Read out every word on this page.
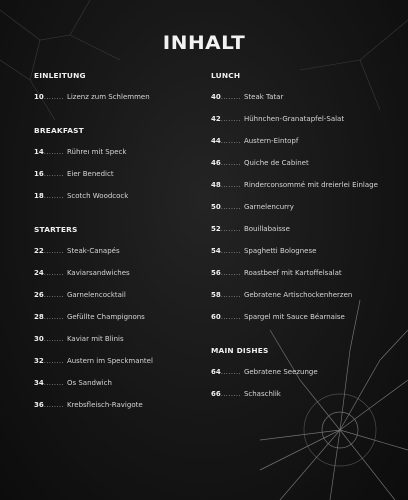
INHALT
EINLEITUNG
10 ........ Lizenz zum Schlemmen
BREAKFAST
14 ........ Rühreı mit Speck
16 ........ Eier Benedict
18 ........ Scotch Woodcock
STARTERS
22 ........ Steak-Canapés
24 ........ Kaviarsandwiches
26 ........ Garnelencocktail
28 ........ Gefüllte Champignons
30 ........ Kaviar mit Blinis
32 ........ Austern im Speckmantel
34 ........ Os Sandwich
36 ........ Krebsfleisch-Ravigote
LUNCH
40 ........ Steak Tatar
42 ........ Hühnchen-Granatapfel-Salat
44 ........ Austern-Eintopf
46 ........ Quiche de Cabinet
48 ........ Rinderconsommé mit dreierlei Einlage
50 ........ Garnelencurry
52 ........ Bouillabaisse
54 ........ Spaghetti Bolognese
56 ........ Roastbeef mit Kartoffelsalat
58 ........ Gebratene Artischockenherzen
60 ........ Spargel mit Sauce Béarnaise
MAIN DISHES
64 ........ Gebratene Seezunge
66 ........ Schaschlik
